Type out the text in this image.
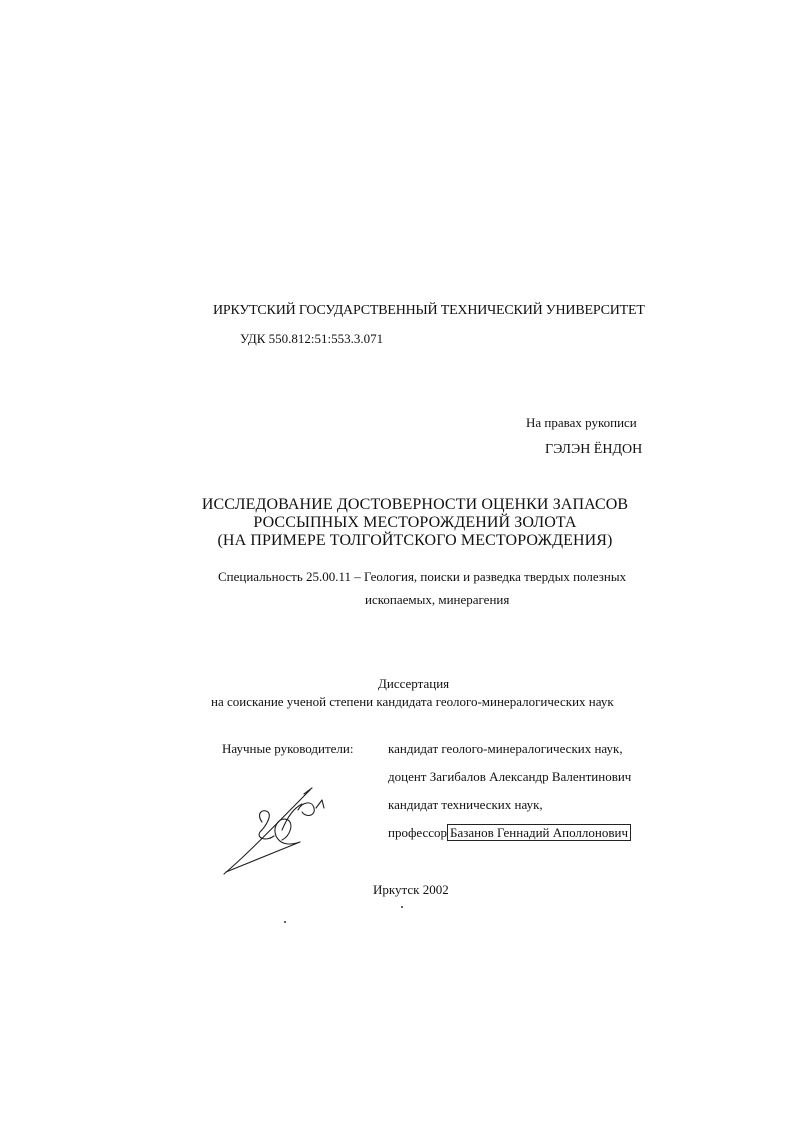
ИРКУТСКИЙ ГОСУДАРСТВЕННЫЙ ТЕХНИЧЕСКИЙ УНИВЕРСИТЕТ
УДК 550.812:51:553.3.071
На правах рукописи
ГЭЛЭН ЁНДОН
ИССЛЕДОВАНИЕ ДОСТОВЕРНОСТИ ОЦЕНКИ ЗАПАСОВ
РОССЫПНЫХ МЕСТОРОЖДЕНИЙ ЗОЛОТА
(НА ПРИМЕРЕ ТОЛГОЙТСКОГО МЕСТОРОЖДЕНИЯ)
Специальность 25.00.11 – Геология, поиски и разведка твердых полезных
ископаемых, минерагения
Диссертация
на соискание ученой степени кандидата геолого-минералогических наук
Научные руководители:	кандидат геолого-минералогических наук,
доцент Загибалов Александр Валентинович
кандидат технических наук,
профессор Базанов Геннадий Аполлонович
Иркутск 2002
